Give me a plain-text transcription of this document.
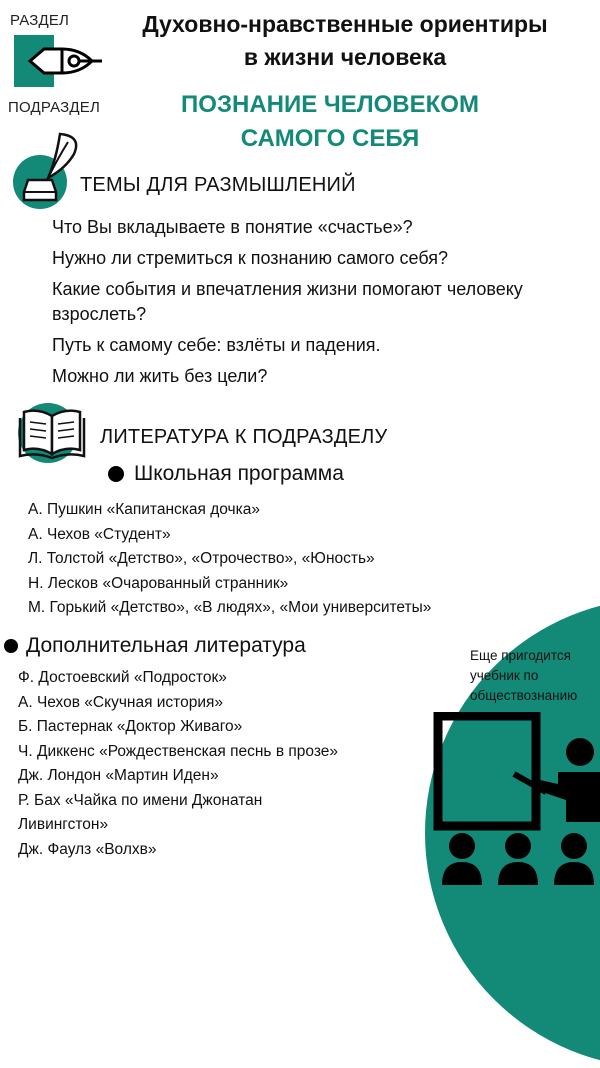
РАЗДЕЛ
ПОДРАЗДЕЛ
Духовно-нравственные ориентиры
в жизни человека
ПОЗНАНИЕ ЧЕЛОВЕКОМ
САМОГО СЕБЯ
ТЕМЫ ДЛЯ РАЗМЫШЛЕНИЙ
Что Вы вкладываете в понятие «счастье»?
Нужно ли стремиться к познанию самого себя?
Какие события и впечатления жизни помогают человеку взрослеть?
Путь к самому себе: взлёты и падения.
Можно ли жить без цели?
ЛИТЕРАТУРА К ПОДРАЗДЕЛУ
Школьная программа
А. Пушкин «Капитанская дочка»
А. Чехов «Студент»
Л. Толстой «Детство», «Отрочество», «Юность»
Н. Лесков «Очарованный странник»
М. Горький «Детство», «В людях», «Мои университеты»
Еще пригодится учебник по обществознанию
Дополнительная литература
Ф. Достоевский «Подросток»
А. Чехов «Скучная история»
Б. Пастернак «Доктор Живаго»
Ч. Диккенс «Рождественская песнь в прозе»
Дж. Лондон «Мартин Иден»
Р. Бах «Чайка по имени Джонатан Ливингстон»
Дж. Фаулз «Волхв»
